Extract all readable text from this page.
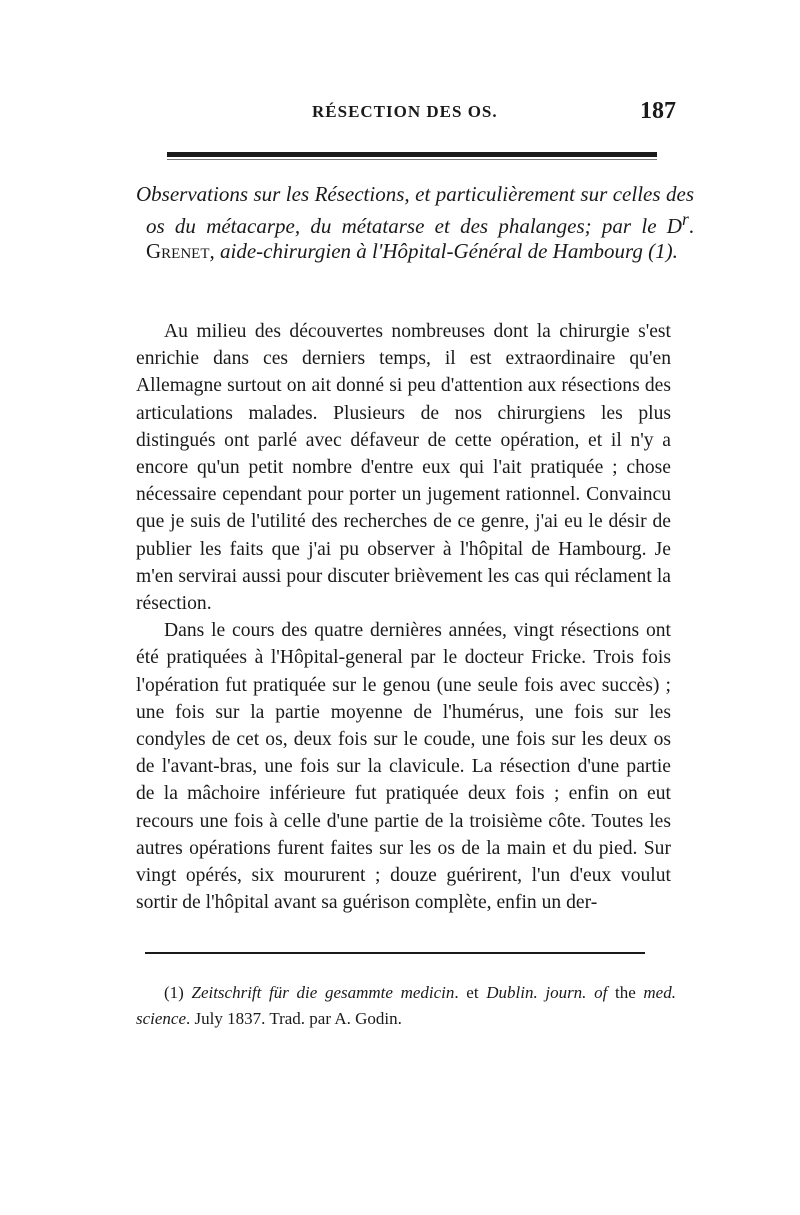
RÉSECTION DES OS.	187
Observations sur les Résections, et particulièrement sur celles des os du métacarpe, du métatarse et des phalanges; par le $D^r$. Grenet, aide-chirurgien à l'Hôpital-Général de Hambourg (1).

Au milieu des découvertes nombreuses dont la chirurgie s'est enrichie dans ces derniers temps, il est extraordinaire qu'en Allemagne surtout on ait donné si peu d'attention aux résections des articulations malades. Plusieurs de nos chirurgiens les plus distingués ont parlé avec défaveur de cette opération, et il n'y a encore qu'un petit nombre d'entre eux qui l'ait pratiquée ; chose nécessaire cependant pour porter un jugement rationnel. Convaincu que je suis de l'utilité des recherches de ce genre, j'ai eu le désir de publier les faits que j'ai pu observer à l'hôpital de Hambourg. Je m'en servirai aussi pour discuter brièvement les cas qui réclament la résection.

Dans le cours des quatre dernières années, vingt résections ont été pratiquées à l'Hôpital-general par le docteur Fricke. Trois fois l'opération fut pratiquée sur le genou (une seule fois avec succès) ; une fois sur la partie moyenne de l'humérus, une fois sur les condyles de cet os, deux fois sur le coude, une fois sur les deux os de l'avant-bras, une fois sur la clavicule. La résection d'une partie de la mâchoire inférieure fut pratiquée deux fois ; enfin on eut recours une fois à celle d'une partie de la troisième côte. Toutes les autres opérations furent faites sur les os de la main et du pied. Sur vingt opérés, six moururent ; douze guérirent, l'un d'eux voulut sortir de l'hôpital avant sa guérison complète, enfin un der-

(1) Zeitschrift für die gesammte medicin. et Dublin. journ. of the med. science. July 1837. Trad. par A. Godin.
